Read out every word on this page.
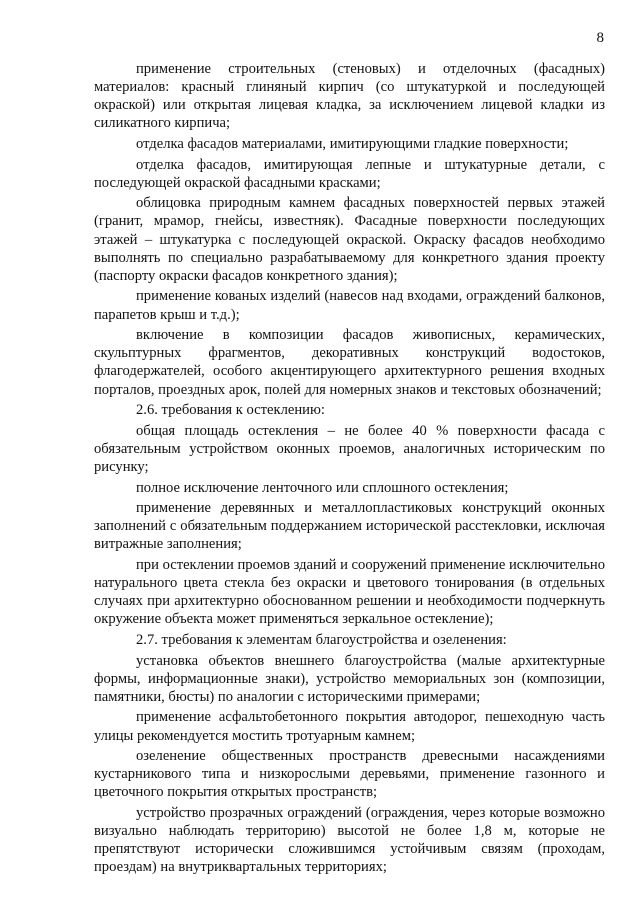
8

применение строительных (стеновых) и отделочных (фасадных) материалов: красный глиняный кирпич (со штукатуркой и последующей окраской) или открытая лицевая кладка, за исключением лицевой кладки из силикатного кирпича;

отделка фасадов материалами, имитирующими гладкие поверхности;

отделка фасадов, имитирующая лепные и штукатурные детали, с последующей окраской фасадными красками;

облицовка природным камнем фасадных поверхностей первых этажей (гранит, мрамор, гнейсы, известняк). Фасадные поверхности последующих этажей – штукатурка с последующей окраской. Окраску фасадов необходимо выполнять по специально разрабатываемому для конкретного здания проекту (паспорту окраски фасадов конкретного здания);

применение кованых изделий (навесов над входами, ограждений балконов, парапетов крыш и т.д.);

включение в композиции фасадов живописных, керамических, скульптурных фрагментов, декоративных конструкций водостоков, флагодержателей, особого акцентирующего архитектурного решения входных порталов, проездных арок, полей для номерных знаков и текстовых обозначений;

2.6. требования к остеклению:

общая площадь остекления – не более 40 % поверхности фасада с обязательным устройством оконных проемов, аналогичных историческим по рисунку;

полное исключение ленточного или сплошного остекления;

применение деревянных и металлопластиковых конструкций оконных заполнений с обязательным поддержанием исторической расстекловки, исключая витражные заполнения;

при остеклении проемов зданий и сооружений применение исключительно натурального цвета стекла без окраски и цветового тонирования (в отдельных случаях при архитектурно обоснованном решении и необходимости подчеркнуть окружение объекта может применяться зеркальное остекление);

2.7. требования к элементам благоустройства и озеленения:

установка объектов внешнего благоустройства (малые архитектурные формы, информационные знаки), устройство мемориальных зон (композиции, памятники, бюсты) по аналогии с историческими примерами;

применение асфальтобетонного покрытия автодорог, пешеходную часть улицы рекомендуется мостить тротуарным камнем;

озеленение общественных пространств древесными насаждениями кустарникового типа и низкорослыми деревьями, применение газонного и цветочного покрытия открытых пространств;

устройство прозрачных ограждений (ограждения, через которые возможно визуально наблюдать территорию) высотой не более 1,8 м, которые не препятствуют исторически сложившимся устойчивым связям (проходам, проездам) на внутриквартальных территориях;
